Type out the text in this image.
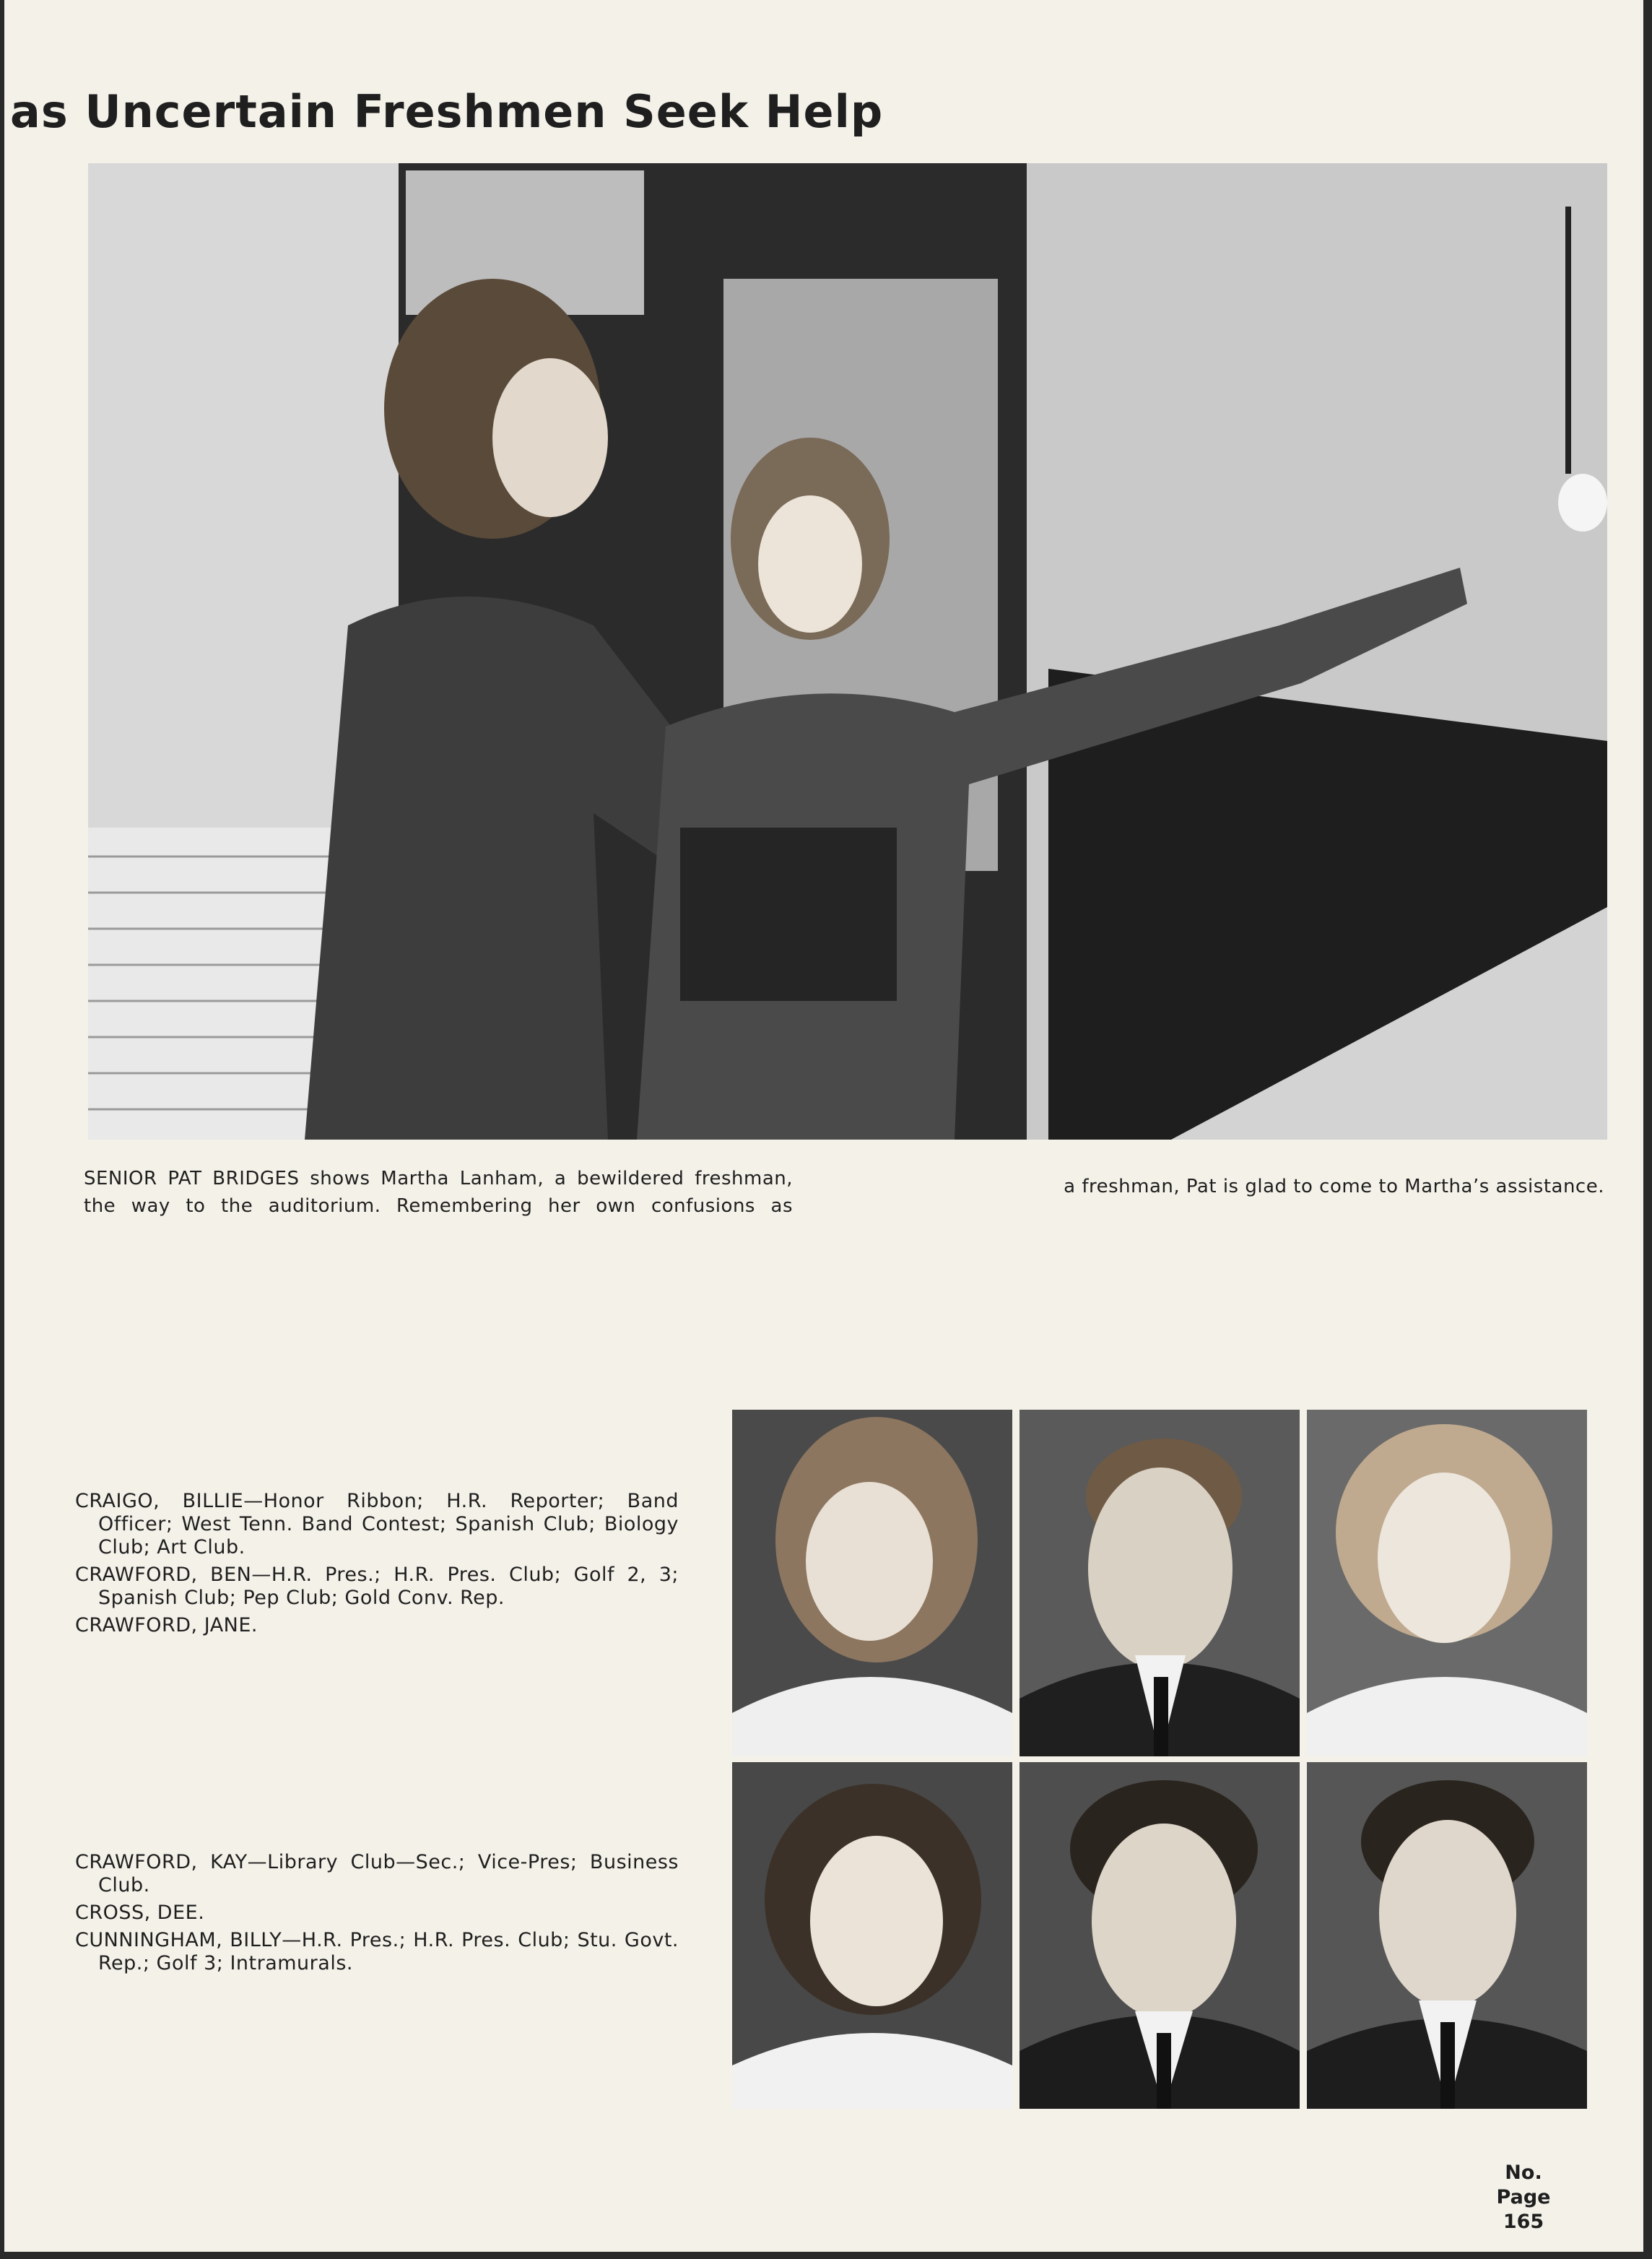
as Uncertain Freshmen Seek Help
SENIOR PAT BRIDGES shows Martha Lanham, a bewildered freshman, the way to the auditorium. Remembering her own confusions as
a freshman, Pat is glad to come to Martha’s assistance.

CRAIGO, BILLIE—Honor Ribbon; H.R. Reporter; Band Officer; West Tenn. Band Contest; Spanish Club; Biology Club; Art Club.

CRAWFORD, BEN—H.R. Pres.; H.R. Pres. Club; Golf 2, 3; Spanish Club; Pep Club; Gold Conv. Rep.

CRAWFORD, JANE.

CRAWFORD, KAY—Library Club—Sec.; Vice-Pres; Business Club.

CROSS, DEE.

CUNNINGHAM, BILLY—H.R. Pres.; H.R. Pres. Club; Stu. Govt. Rep.; Golf 3; Intramurals.

No.
Page
165
